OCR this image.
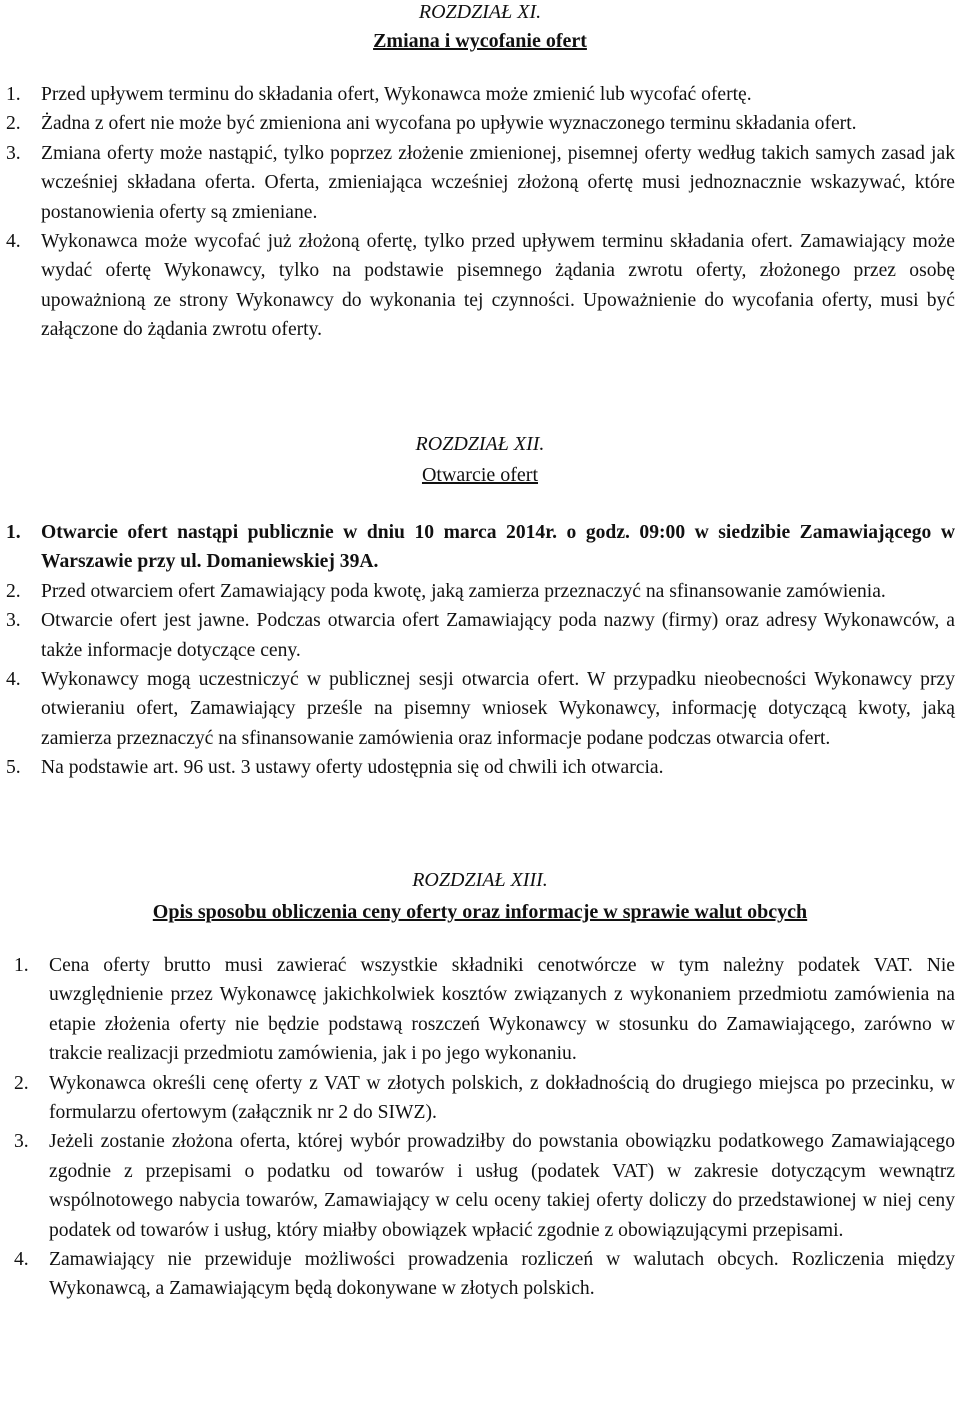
ROZDZIAŁ XI.
Zmiana i wycofanie ofert
1. Przed upływem terminu do składania ofert, Wykonawca może zmienić lub wycofać ofertę.
2. Żadna z ofert nie może być zmieniona ani wycofana po upływie wyznaczonego terminu składania ofert.
3. Zmiana oferty może nastąpić, tylko poprzez złożenie zmienionej, pisemnej oferty według takich samych zasad jak wcześniej składana oferta. Oferta, zmieniająca wcześniej złożoną ofertę musi jednoznacznie wskazywać, które postanowienia oferty są zmieniane.
4. Wykonawca może wycofać już złożoną ofertę, tylko przed upływem terminu składania ofert. Zamawiający może wydać ofertę Wykonawcy, tylko na podstawie pisemnego żądania zwrotu oferty, złożonego przez osobę upoważnioną ze strony Wykonawcy do wykonania tej czynności. Upoważnienie do wycofania oferty, musi być załączone do żądania zwrotu oferty.
ROZDZIAŁ XII.
Otwarcie ofert
1. Otwarcie ofert nastąpi publicznie w dniu 10 marca 2014r. o godz. 09:00 w siedzibie Zamawiającego w Warszawie przy ul. Domaniewskiej 39A.
2. Przed otwarciem ofert Zamawiający poda kwotę, jaką zamierza przeznaczyć na sfinansowanie zamówienia.
3. Otwarcie ofert jest jawne. Podczas otwarcia ofert Zamawiający poda nazwy (firmy) oraz adresy Wykonawców, a także informacje dotyczące ceny.
4. Wykonawcy mogą uczestniczyć w publicznej sesji otwarcia ofert. W przypadku nieobecności Wykonawcy przy otwieraniu ofert, Zamawiający prześle na pisemny wniosek Wykonawcy, informację dotyczącą kwoty, jaką zamierza przeznaczyć na sfinansowanie zamówienia oraz informacje podane podczas otwarcia ofert.
5. Na podstawie art. 96 ust. 3 ustawy oferty udostępnia się od chwili ich otwarcia.
ROZDZIAŁ XIII.
Opis sposobu obliczenia ceny oferty oraz informacje w sprawie walut obcych
1. Cena oferty brutto musi zawierać wszystkie składniki cenotwórcze w tym należny podatek VAT. Nie uwzględnienie przez Wykonawcę jakichkolwiek kosztów związanych z wykonaniem przedmiotu zamówienia na etapie złożenia oferty nie będzie podstawą roszczeń Wykonawcy w stosunku do Zamawiającego, zarówno w trakcie realizacji przedmiotu zamówienia, jak i po jego wykonaniu.
2. Wykonawca określi cenę oferty z VAT w złotych polskich, z dokładnością do drugiego miejsca po przecinku, w formularzu ofertowym (załącznik nr 2 do SIWZ).
3. Jeżeli zostanie złożona oferta, której wybór prowadziłby do powstania obowiązku podatkowego Zamawiającego zgodnie z przepisami o podatku od towarów i usług (podatek VAT) w zakresie dotyczącym wewnątrz wspólnotowego nabycia towarów, Zamawiający w celu oceny takiej oferty doliczy do przedstawionej w niej ceny podatek od towarów i usług, który miałby obowiązek wpłacić zgodnie z obowiązującymi przepisami.
4. Zamawiający nie przewiduje możliwości prowadzenia rozliczeń w walutach obcych. Rozliczenia między Wykonawcą, a Zamawiającym będą dokonywane w złotych polskich.
